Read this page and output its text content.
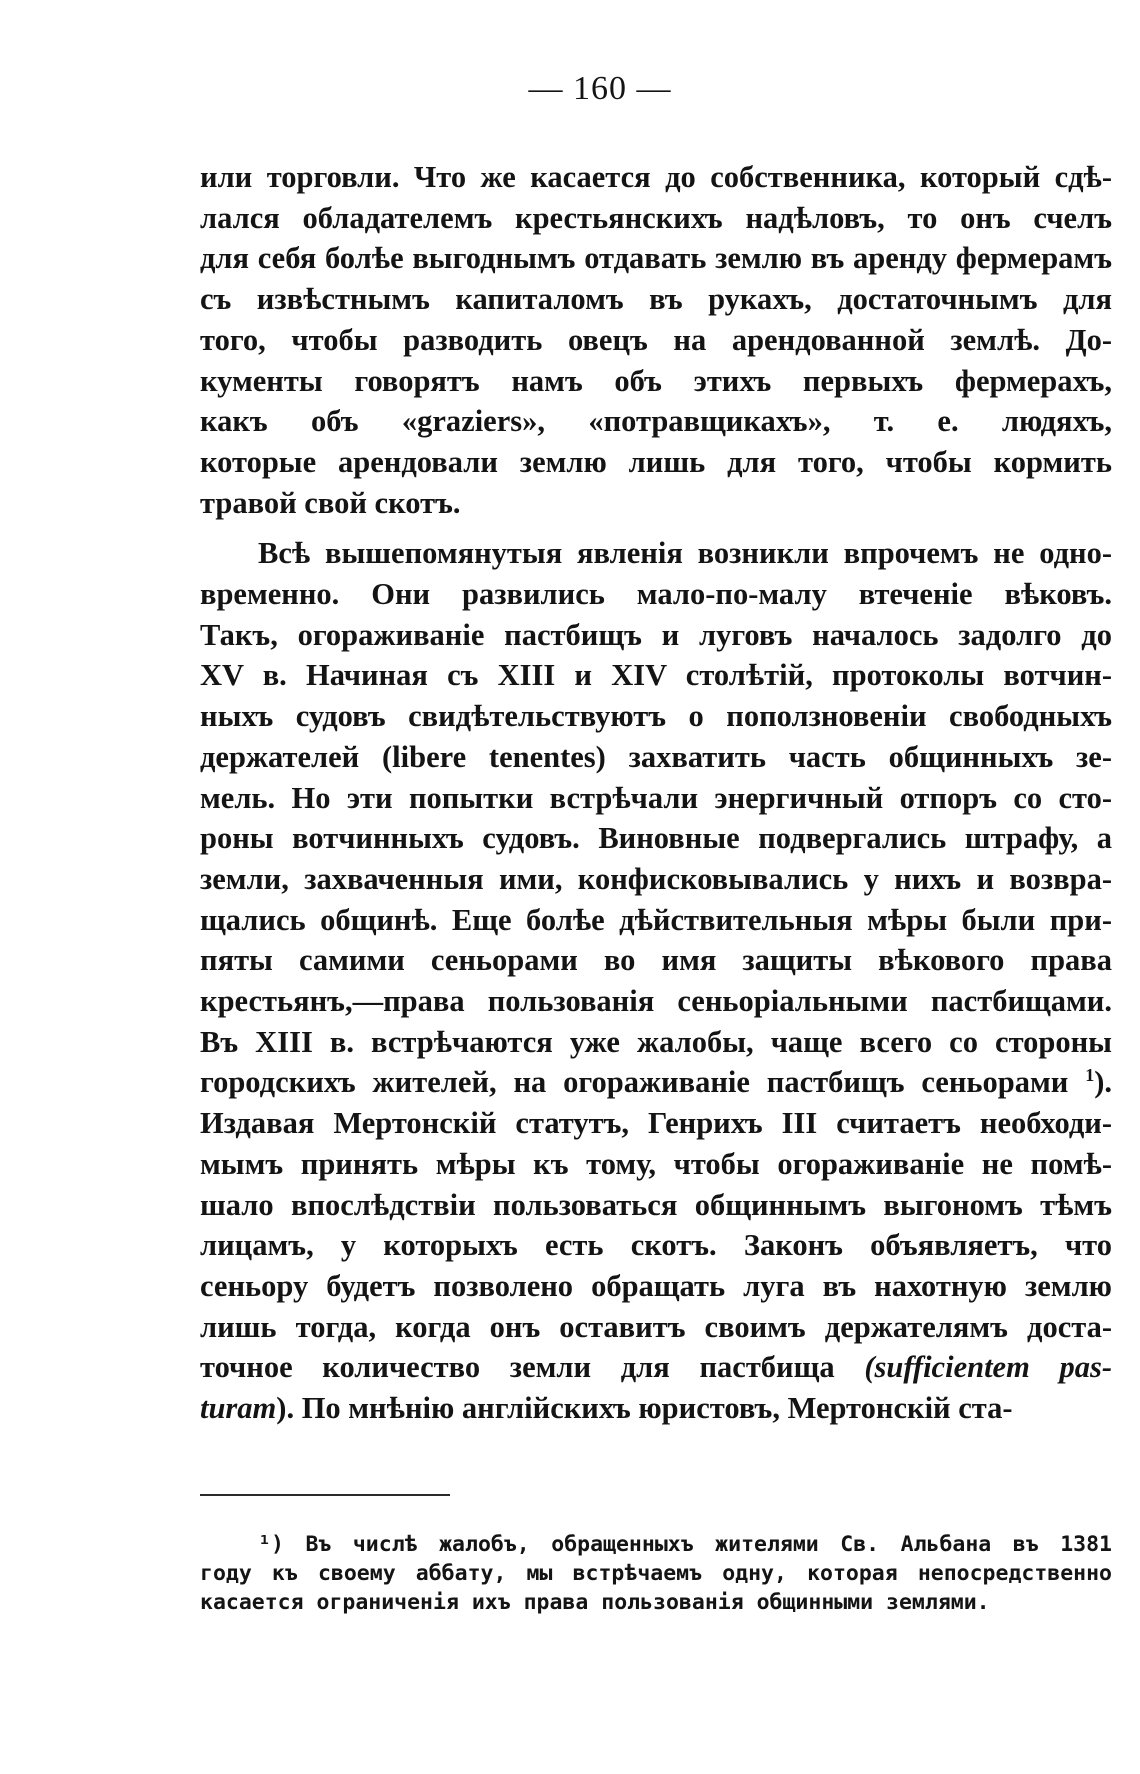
— 160 —
или торговли. Что же касается до собственника, который сдѣ-
лался обладателемъ крестьянскихъ надѣловъ, то онъ счелъ
для себя болѣе выгоднымъ отдавать землю въ аренду фермерамъ
съ извѣстнымъ капиталомъ въ рукахъ, достаточнымъ для
того, чтобы разводить овецъ на арендованной землѣ. До-
кументы говорятъ намъ объ этихъ первыхъ фермерахъ,
какъ объ «graziers», «потравщикахъ», т. е. людяхъ,
которые арендовали землю лишь для того, чтобы кормить
травой свой скотъ.
Всѣ вышепомянутыя явленія возникли впрочемъ не одно-
временно. Они развились мало-по-малу втеченіе вѣковъ.
Такъ, огораживаніе пастбищъ и луговъ началось задолго до
XV в. Начиная съ XIII и XIV столѣтій, протоколы вотчин-
ныхъ судовъ свидѣтельствуютъ о поползновеніи свободныхъ
держателей (libere tenentes) захватить часть общинныхъ зе-
мель. Но эти попытки встрѣчали энергичный отпоръ со сто-
роны вотчинныхъ судовъ. Виновные подвергались штрафу, а
земли, захваченныя ими, конфисковывались у нихъ и возвра-
щались общинѣ. Еще болѣе дѣйствительныя мѣры были при-
пяты самими сеньорами во имя защиты вѣкового права
крестьянъ,—права пользованія сеньоріальными пастбищами.
Въ XIII в. встрѣчаются уже жалобы, чаще всего со стороны
городскихъ жителей, на огораживаніе пастбищъ сеньорами $^1$).
Издавая Мертонскій статутъ, Генрихъ III считаетъ необходи-
мымъ принять мѣры къ тому, чтобы огораживаніе не помѣ-
шало впослѣдствіи пользоваться общиннымъ выгономъ тѣмъ
лицамъ, у которыхъ есть скотъ. Законъ объявляетъ, что
сеньору будетъ позволено обращать луга въ нахотную землю
лишь тогда, когда онъ оставитъ своимъ держателямъ доста-
точное количество земли для пастбища (sufficientem pas-
turam). По мнѣнію англійскихъ юристовъ, Мертонскій ста-
¹) Въ числѣ жалобъ, обращенныхъ жителями Св. Альбана въ 1381
году къ своему аббату, мы встрѣчаемъ одну, которая непосредственно
касается ограниченія ихъ права пользованія общинными землями.
